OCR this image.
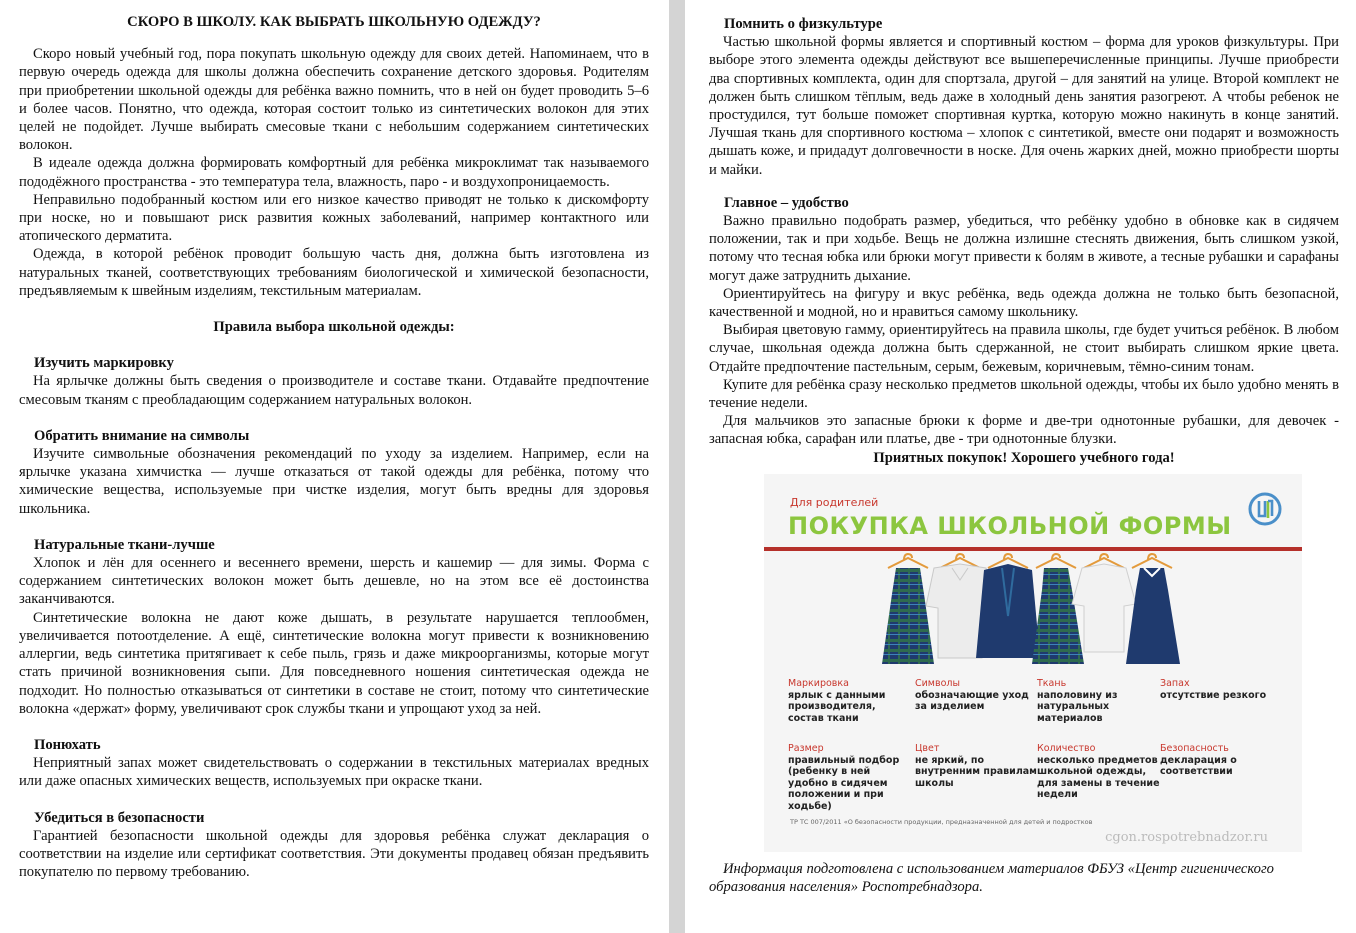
СКОРО В ШКОЛУ. КАК ВЫБРАТЬ ШКОЛЬНУЮ ОДЕЖДУ?

Скоро новый учебный год, пора покупать школьную одежду для своих детей. Напоминаем, что в первую очередь одежда для школы должна обеспечить сохранение детского здоровья. Родителям при приобретении школьной одежды для ребёнка важно помнить, что в ней он будет проводить 5–6 и более часов. Понятно, что одежда, которая состоит только из синтетических волокон для этих целей не подойдет. Лучше выбирать смесовые ткани с небольшим содержанием синтетических волокон.

В идеале одежда должна формировать комфортный для ребёнка микроклимат так называемого пододёжного пространства - это температура тела, влажность, паро - и воздухопроницаемость.

Неправильно подобранный костюм или его низкое качество приводят не только к дискомфорту при носке, но и повышают риск развития кожных заболеваний, например контактного или атопического дерматита.

Одежда, в которой ребёнок проводит большую часть дня, должна быть изготовлена из натуральных тканей, соответствующих требованиям биологической и химической безопасности, предъявляемым к швейным изделиям, текстильным материалам.

Правила выбора школьной одежды:

Изучить маркировку

На ярлычке должны быть сведения о производителе и составе ткани. Отдавайте предпочтение смесовым тканям с преобладающим содержанием натуральных волокон.

Обратить внимание на символы

Изучите символьные обозначения рекомендаций по уходу за изделием. Например, если на ярлычке указана химчистка — лучше отказаться от такой одежды для ребёнка, потому что химические вещества, используемые при чистке изделия, могут быть вредны для здоровья школьника.

Натуральные ткани-лучше

Хлопок и лён для осеннего и весеннего времени, шерсть и кашемир — для зимы. Форма с содержанием синтетических волокон может быть дешевле, но на этом все её достоинства заканчиваются.

Синтетические волокна не дают коже дышать, в результате нарушается теплообмен, увеличивается потоотделение. А ещё, синтетические волокна могут привести к возникновению аллергии, ведь синтетика притягивает к себе пыль, грязь и даже микроорганизмы, которые могут стать причиной возникновения сыпи. Для повседневного ношения синтетическая одежда не подходит. Но полностью отказываться от синтетики в составе не стоит, потому что синтетические волокна «держат» форму, увеличивают срок службы ткани и упрощают уход за ней.

Понюхать

Неприятный запах может свидетельствовать о содержании в текстильных материалах вредных или даже опасных химических веществ, используемых при окраске ткани.

Убедиться в безопасности

Гарантией безопасности школьной одежды для здоровья ребёнка служат декларация о соответствии на изделие или сертификат соответствия. Эти документы продавец обязан предъявить покупателю по первому требованию.

Помнить о физкультуре

Частью школьной формы является и спортивный костюм – форма для уроков физкультуры. При выборе этого элемента одежды действуют все вышеперечисленные принципы. Лучше приобрести два спортивных комплекта, один для спортзала, другой – для занятий на улице. Второй комплект не должен быть слишком тёплым, ведь даже в холодный день занятия разогреют. А чтобы ребенок не простудился, тут больше поможет спортивная куртка, которую можно накинуть в конце занятий. Лучшая ткань для спортивного костюма – хлопок с синтетикой, вместе они подарят и возможность дышать коже, и придадут долговечности в носке. Для очень жарких дней, можно приобрести шорты и майки.

Главное – удобство

Важно правильно подобрать размер, убедиться, что ребёнку удобно в обновке как в сидячем положении, так и при ходьбе. Вещь не должна излишне стеснять движения, быть слишком узкой, потому что тесная юбка или брюки могут привести к болям в животе, а тесные рубашки и сарафаны могут даже затруднить дыхание.

Ориентируйтесь на фигуру и вкус ребёнка, ведь одежда должна не только быть безопасной, качественной и модной, но и нравиться самому школьнику.

Выбирая цветовую гамму, ориентируйтесь на правила школы, где будет учиться ребёнок. В любом случае, школьная одежда должна быть сдержанной, не стоит выбирать слишком яркие цвета. Отдайте предпочтение пастельным, серым, бежевым, коричневым, тёмно-синим тонам.

Купите для ребёнка сразу несколько предметов школьной одежды, чтобы их было удобно менять в течение недели.

Для мальчиков это запасные брюки к форме и две-три однотонные рубашки, для девочек - запасная юбка, сарафан или платье, две - три однотонные блузки.

Приятных покупок! Хорошего учебного года!

Для родителей
ПОКУПКА ШКОЛЬНОЙ ФОРМЫ
Маркировка
ярлык с данными производителя, состав ткани
Символы
обозначающие уход за изделием
Ткань
наполовину из натуральных материалов
Запах
отсутствие резкого
Размер
правильный подбор (ребенку в ней удобно в сидячем положении и при ходьбе)
Цвет
не яркий, по внутренним правилам школы
Количество
несколько предметов школьной одежды, для замены в течение недели
Безопасность
декларация о соответствии
ТР ТС 007/2011 «О безопасности продукции, предназначенной для детей и подростков
cgon.rospotrebnadzor.ru

Информация подготовлена с использованием материалов ФБУЗ «Центр гигиенического образования населения» Роспотребнадзора.
